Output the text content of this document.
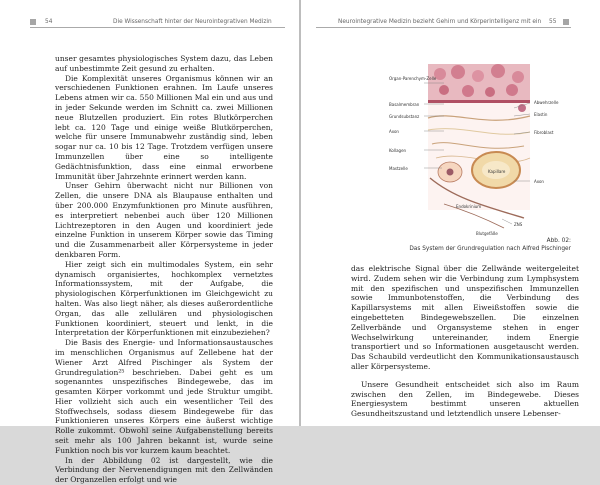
54	Die Wissenschaft hinter der Neurointegrativen Medizin

unser gesamtes physiologisches System dazu, das Leben auf unbestimmte Zeit gesund zu erhalten.

Die Komplexität unseres Organismus können wir an verschiedenen Funktionen erahnen. Im Laufe unseres Lebens atmen wir ca. 550 Millionen Mal ein und aus und in jeder Sekunde werden im Schnitt ca. zwei Millionen neue Blutzellen produziert. Ein rotes Blutkörperchen lebt ca. 120 Tage und einige weiße Blutkörperchen, welche für unsere Immunabwehr zuständig sind, leben sogar nur ca. 10 bis 12 Tage. Trotzdem verfügen unsere Immunzellen über eine so intelligente Gedächtnisfunktion, dass eine einmal erworbene Immunität über Jahrzehnte erinnert werden kann.

Unser Gehirn überwacht nicht nur Billionen von Zellen, die unsere DNA als Blaupause enthalten und über 200.000 Enzymfunktionen pro Minute ausführen, es interpretiert nebenbei auch über 120 Millionen Lichtrezeptoren in den Augen und koordiniert jede einzelne Funktion in unserem Körper sowie das Timing und die Zusammenarbeit aller Körpersysteme in jeder denkbaren Form.

Hier zeigt sich ein multimodales System, ein sehr dynamisch organisiertes, hochkomplex vernetztes Informationssystem, mit der Aufgabe, die physiologischen Körperfunktionen im Gleichgewicht zu halten. Was also liegt näher, als dieses außerordentliche Organ, das alle zellulären und physiologischen Funktionen koordiniert, steuert und lenkt, in die Interpretation der Körperfunktionen mit einzubeziehen?

Die Basis des Energie- und Informationsaustausches im menschlichen Organismus auf Zellebene hat der Wiener Arzt Alfred Pischinger als System der Grundregulation²⁵ beschrieben. Dabei geht es um sogenanntes unspezifisches Bindegewebe, das im gesamten Körper vorkommt und jede Struktur umgibt. Hier vollzieht sich auch ein wesentlicher Teil des Stoffwechsels, sodass diesem Bindegewebe für das Funktionieren unseres Körpers eine äußerst wichtige Rolle zukommt. Obwohl seine Aufgabenstellung bereits seit mehr als 100 Jahren bekannt ist, wurde seine Funktion noch bis vor kurzem kaum beachtet.

In der Abbildung 02 ist dargestellt, wie die Verbindung der Nervenendigungen mit den Zellwänden der Organzellen erfolgt und wie

Neurointegrative Medizin bezieht Gehirn und Körperintelligenz mit ein 55
Organ-Parenchym-Zelle
Basalmembran
Grundsubstanz
Axon
Kollagen
Mastzelle
Abwehrzelle
Elastin
Fibroblast
Kapillare
Axon
Endokrinium
ZNS
Blutgefäße
Abb. 02:
Das System der Grundregulation nach Alfred Pischinger

das elektrische Signal über die Zellwände weitergeleitet wird. Zudem sehen wir die Verbindung zum Lymphsystem mit den spezifischen und unspezifischen Immunzellen sowie Immunbotenstoffen, die Verbindung des Kapillarsystems mit allen Eiweißstoffen sowie die eingebetteten Bindegewebszellen. Die einzelnen Zellverbände und Organsysteme stehen in enger Wechselwirkung untereinander, indem Energie transportiert und so Informationen ausgetauscht werden. Das Schaubild verdeutlicht den Kommunikationsaustausch aller Körpersysteme.

Unsere Gesundheit entscheidet sich also im Raum zwischen den Zellen, im Bindegewebe. Dieses Energiesystem bestimmt unseren aktuellen Gesundheitszustand und letztendlich unsere Lebenser-
